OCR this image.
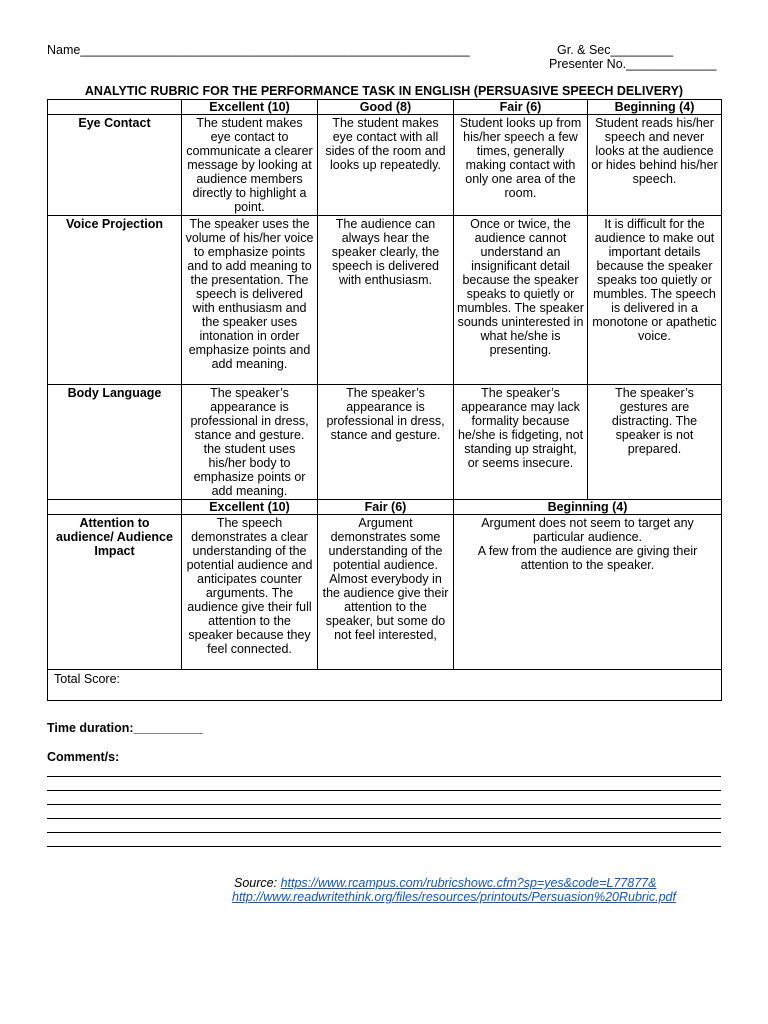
Name________________________________________________________	Gr. & Sec_________
Presenter No._____________
ANALYTIC RUBRIC FOR THE PERFORMANCE TASK IN ENGLISH (PERSUASIVE SPEECH DELIVERY)
	Excellent (10)	Good (8)	Fair (6)	Beginning (4)
Eye Contact	The student makes eye contact to communicate a clearer message by looking at audience members directly to highlight a point.	The student makes eye contact with all sides of the room and looks up repeatedly.	Student looks up from his/her speech a few times, generally making contact with only one area of the room.	Student reads his/her speech and never looks at the audience or hides behind his/her speech.
Voice Projection	The speaker uses the volume of his/her voice to emphasize points and to add meaning to the presentation. The speech is delivered with enthusiasm and the speaker uses intonation in order emphasize points and add meaning.	The audience can always hear the speaker clearly, the speech is delivered with enthusiasm.	Once or twice, the audience cannot understand an insignificant detail because the speaker speaks to quietly or mumbles. The speaker sounds uninterested in what he/she is presenting.	It is difficult for the audience to make out important details because the speaker speaks too quietly or mumbles. The speech is delivered in a monotone or apathetic voice.
Body Language	The speaker’s appearance is professional in dress, stance and gesture. the student uses his/her body to emphasize points or add meaning.	The speaker’s appearance is professional in dress, stance and gesture.	The speaker’s appearance may lack formality because he/she is fidgeting, not standing up straight, or seems insecure.	The speaker’s gestures are distracting. The speaker is not prepared.
	Excellent (10)	Fair (6)	Beginning (4)	
Attention to audience/ Audience Impact	The speech demonstrates a clear understanding of the potential audience and anticipates counter arguments. The audience give their full attention to the speaker because they feel connected.	Argument demonstrates some understanding of the potential audience. Almost everybody in the audience give their attention to the speaker, but some do not feel interested,	Argument does not seem to target any particular audience.
A few from the audience are giving their attention to the speaker.	

Total Score:				
Time duration:__________
Comment/s:
Source: https://www.rcampus.com/rubricshowc.cfm?sp=yes&code=L77877&
http://www.readwritethink.org/files/resources/printouts/Persuasion%20Rubric.pdf
